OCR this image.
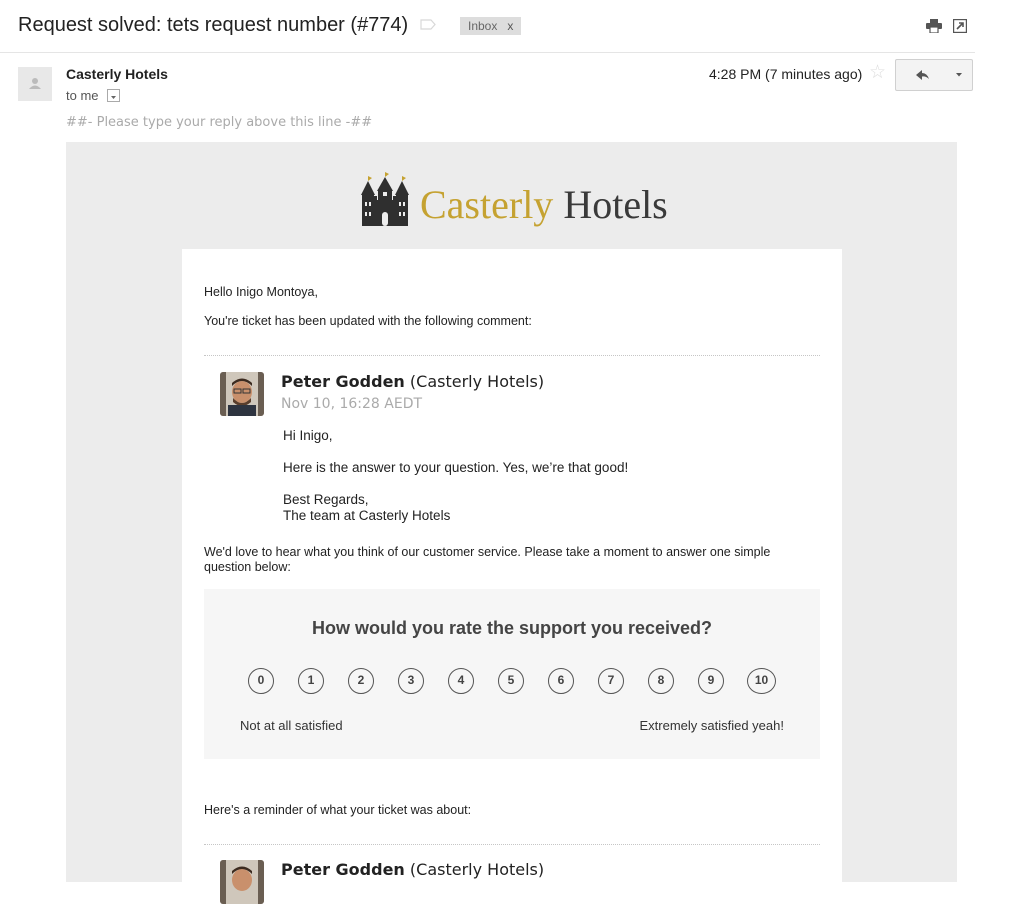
Request solved: tets request number (#774)	Inbox x
Casterly Hotels
to me
4:28 PM (7 minutes ago) ☆
##- Please type your reply above this line -##
Casterly Hotels
Hello Inigo Montoya,
You're ticket has been updated with the following comment:
Peter Godden (Casterly Hotels)
Nov 10, 16:28 AEDT
Hi Inigo,
Here is the answer to your question. Yes, we’re that good!
Best Regards,
The team at Casterly Hotels
We'd love to hear what you think of our customer service. Please take a moment to answer one simple
question below:
How would you rate the support you received?
0	1	2	3	4	5	6	7	8	9	10
Not at all satisfied	Extremely satisfied yeah!
Here's a reminder of what your ticket was about:
Peter Godden (Casterly Hotels)
